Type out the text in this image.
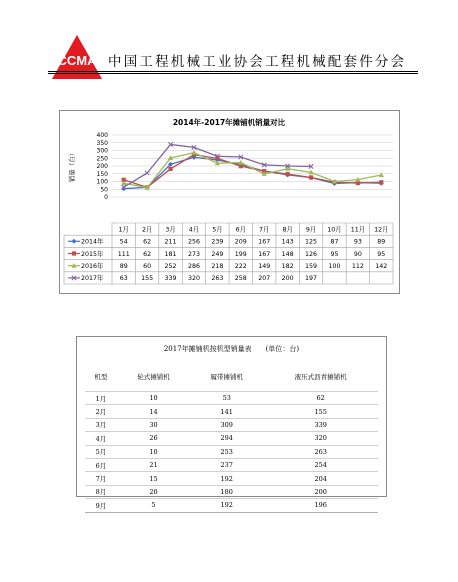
CCMA 中国工程机械工业协会工程机械配套件分会
2014年-2017年摊铺机销量对比
销量（台）
0
50
100
150
200
250
300
350
400
1月 2月 3月 4月 5月 6月 7月 8月 9月 10月 11月 12月
2014年	54 62 211 256 239 209 167 143 125 87 93 89
2015年 111 62 181 273 249 199 167 148 126 95 90 95
2016年	89 60 252 286 218 222 149 182 159 100 112 142
2017年	63 155 339 320 263 258 207 200 197
2017年摊铺机按机型销量表 (单位：台)
机型	轮式摊铺机	履带摊铺机	液压式沥青摊铺机
1月	10	53	62
2月	14	141	155
3月	30	309	339
4月	26	294	320
5月	10	253	263
6月	21	237	254
7月	15	192	204
8月	20	180	200
9月	5	192	196
